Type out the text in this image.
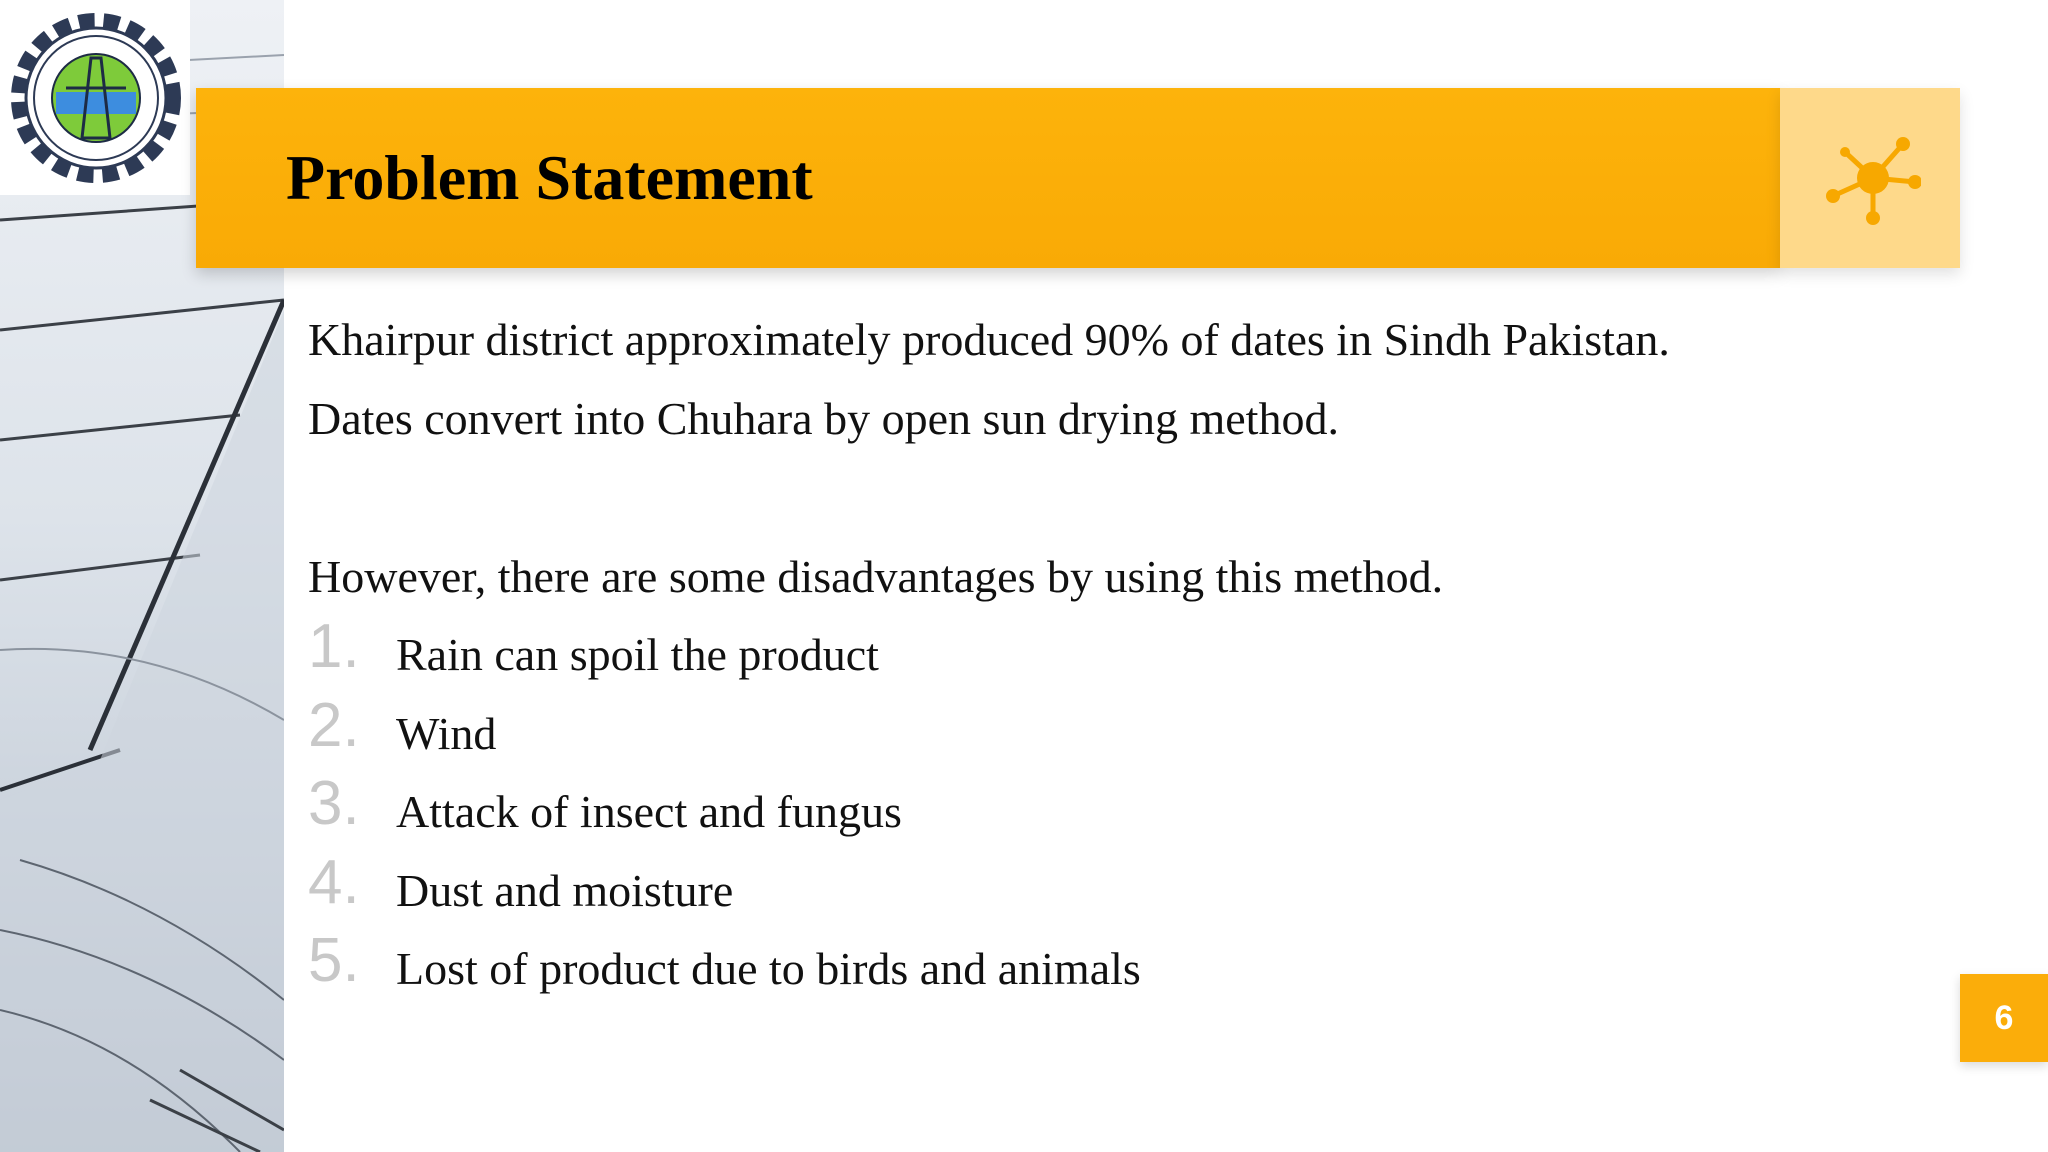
Problem Statement

Khairpur district approximately produced 90% of dates in Sindh Pakistan.

Dates convert into Chuhara by open sun drying method.

However, there are some disadvantages by using this method.

1. Rain can spoil the product
2. Wind
3. Attack of insect and fungus
4. Dust and moisture
5. Lost of product due to birds and animals
6
